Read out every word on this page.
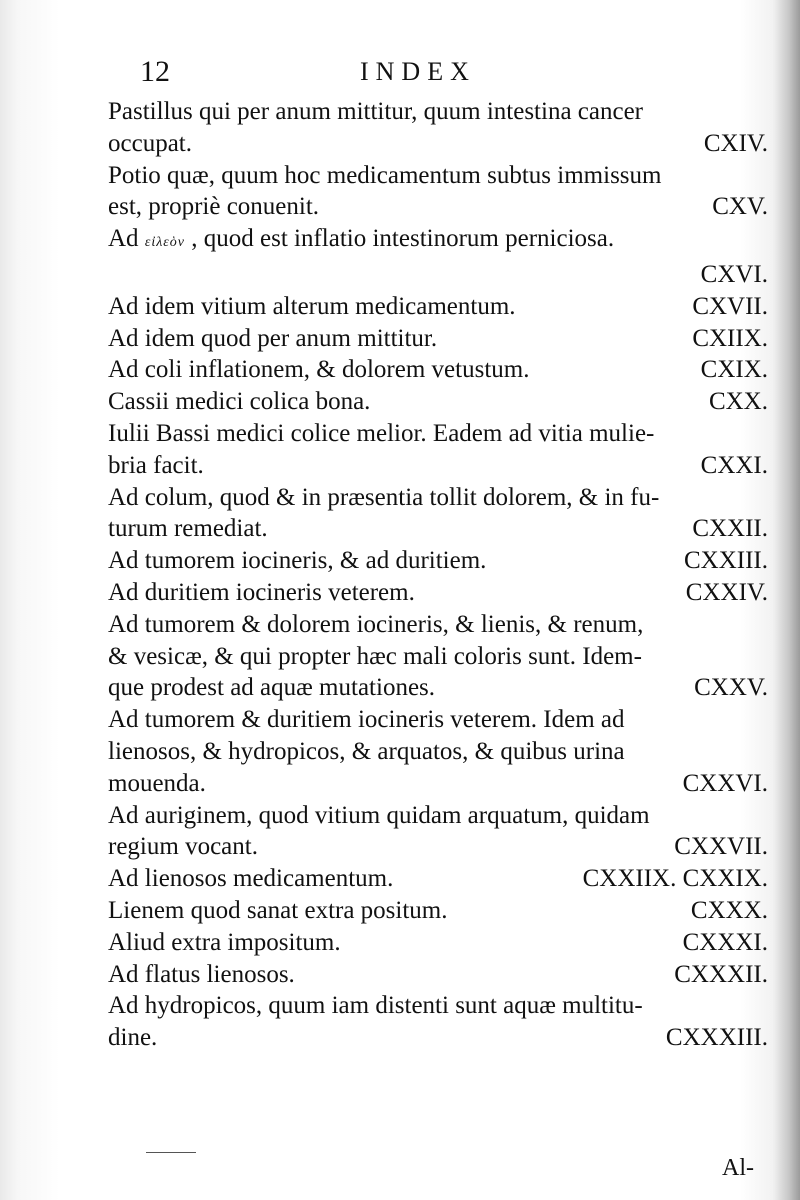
12	INDEX
Pastillus qui per anum mittitur, quum intestina cancer
occupat.	CXIV.
Potio quæ, quum hoc medicamentum subtus immissum
est, propriè conuenit.	CXV.
Ad εἰλεὸν , quod est inflatio intestinorum perniciosa.
CXVI.
Ad idem vitium alterum medicamentum.	CXVII.
Ad idem quod per anum mittitur.	CXIIX.
Ad coli inflationem, & dolorem vetustum.	CXIX.
Cassii medici colica bona.	CXX.
Iulii Bassi medici colice melior. Eadem ad vitia mulie-
bria facit.	CXXI.
Ad colum, quod & in præsentia tollit dolorem, & in fu-
turum remediat.	CXXII.
Ad tumorem iocineris, & ad duritiem.	CXXIII.
Ad duritiem iocineris veterem.	CXXIV.
Ad tumorem & dolorem iocineris, & lienis, & renum,
& vesicæ, & qui propter hæc mali coloris sunt. Idem-
que prodest ad aquæ mutationes.	CXXV.
Ad tumorem & duritiem iocineris veterem. Idem ad
lienosos, & hydropicos, & arquatos, & quibus urina
mouenda.	CXXVI.
Ad auriginem, quod vitium quidam arquatum, quidam
regium vocant.	CXXVII.
Ad lienosos medicamentum.	CXXIIX. CXXIX.
Lienem quod sanat extra positum.	CXXX.
Aliud extra impositum.	CXXXI.
Ad flatus lienosos.	CXXXII.
Ad hydropicos, quum iam distenti sunt aquæ multitu-
dine.	CXXXIII.
Al-
